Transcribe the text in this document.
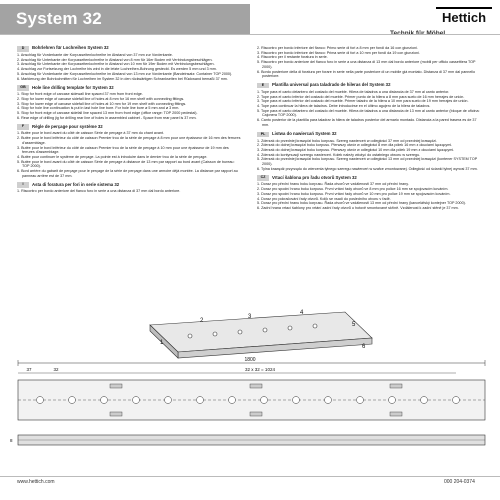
System 32	Hettich
D	Bohrlehren für Lochreihen System 32

1. Anschlag für Vorderkante der Korpusseitenlochreihe im Abstand von 37 mm zur Vorderkante.

2. Anschlag für Unterkante der Korpusseitenlochreihe in Abstand von 8 mm für 16er Boden mit Verbindungsbeschlägen.

3. Anschlag für Unterkante der Korpusseitenlochreihe in Abstand von 10 mm für 19er Boden mit Verbindungsbeschlägen.

4. Anschlag zur Fortsetzung der Lochreihe bis wird in die letzte Lochreihen-Bohrung gesteckt. Es werden 5 mm und 3 mm.

5. Anschlag für Vorderkante der Korpusseitenlochreihe im Abstand von 13 mm zur Vorderkante (Bandeinsatz: Container TOP 2000).

6. Markierung der Bohrlochmitten für Lochreihen im System 32 in den rückwärtigen Schrankseiten bei Rückwand bemaßt 37 mm.

GB	Hole line drilling template for System 32

1. Stop for front edge of carcase sidewall line spaced 37 mm from front edge.

2. Stop for lower edge of carcase sidefall line of holes at 8 mm for 16 mm shelf with connecting fittings.

3. Stop for lower edge of carcase sidefall line of holes at 10 mm for 19 mm shelf with connecting fittings.

4. Stop for hole line continuation is put in last hole line bore. For hole line bore ø 5 mm and ø 3 mm.

5. Stop for front edge of carcase sidefall line spaced 13 mm from front edge (office range: TOP 2000 pedestal).

6. Rear edge of drilling jig for drilling rear line of holes in assembled cabinet - Space from rear panel is 37 mm.

F	Règle de perçage pour système 32

1. Butée pour le bord avant du côté de caisson Série de perçage à 37 mm du chant avant.

2. Butée pour le bord inférieur du côté de caisson Premier trou de la série de perçage à 8 mm pour une épaisseur de 16 mm des ferrures d'assemblage.

3. Butée pour le bord inférieur du côté de caisson Premier trou de la série de perçage à 10 mm pour une épaisseur de 19 mm des ferrures d'assemblage.

4. Butée pour continuer le système de perçage. La pointe est à introduire dans le dernier trou de la série de perçage.

5. Butée pour le bord avant du côté de caisson Série de perçage à distance de 13 mm par rapport au bord avant (Caisson de bureau: TOP 2000).

6. Bord arrière du gabarit de perçage pour le perçage de la série de perçage dans une armoire déjà montée. La distance par rapport au panneau arrière est de 37 mm.

I	Asta di foratura per fori in serie sistema 32

1. Riscontro per bordo anteriore del fianco foro in serie a una distanza di 37 mm dal bordo anteriore.

2. Riscontro per bordo inferiore del fianco: Primo serie di fori a 8 mm per fondi da 16 con giunzioni.

3. Riscontro per bordo inferiore del fianco: Prima serie di fori a 10 mm per fondi da 19 con giunzioni.

4. Riscontro per il restante foratura in serie.

5. Riscontro per bordo anteriore del fianco foro in serie a una distanza di 13 mm dal bordo anteriore (mobili per ufficio cassettiera TOP 2000).

6. Bordo posteriore della di foratura per forare in serie nella parte posteriore di un mobile già montato. Distanza di 37 mm dal pannello posteriore.

E	Plantilla universal para taladrado de hileras del System 32

1. Tope para el canto delantero del costado del mueble. Hilera de taladros a una distancia de 37 mm al canto anterior.

2. Tope para el canto inferior del costado del mueble. Primer punto de la hilera a 8 mm para suelo de 16 mm herrajes de unión.

3. Tope para el canto inferior del costado del mueble. Primer taladro de la hilera a 10 mm para suelo de 19 mm herrajes de unión.

4. Tope para continuar la hilera de taladros. Debe introducirse en el último agujero de la hilera de taladros.

5. Tope para el canto delantero del costado del mueble. Hilera de taladros a una distancia de 13 mm al canto anterior (bloque de oficina: Cajonera TOP 2000).

6. Canto posterior de la plantilla para taladrar la hilera de taladros posterior del armario montado. Distancia a la pared trasera es de 37 mm.

PL	Listwa do nawiercań System 32

1. Zderzak do przedniej krawędzi boku korpusu. Szereg nawierceń w odległości 37 mm od przedniej krawędzi.

2. Zderzak do dolnej krawędzi boku korpusu. Pierwszy otwór w odległości 8 mm dla półek 16 mm z okuciami łączącymi.

3. Zderzak do dolnej krawędzi boku korpusu. Pierwszy otwór w odległości 10 mm dla półek 19 mm z okuciami łączącymi.

4. Zderzak do kontynuacji szeregu nawierceń. Kołek należy włożyć do ostatniego otworu w szeregu.

5. Zderzak do przedniej krawędzi boku korpusu. Szereg nawierceń w odległości 13 mm od przedniej krawędzi (kontener SYSTEM TOP 2000).

6. Tylna krawędź przyrządu do wiercenia tylnego szeregu nawierceń w szafce zmontowanej. Odległość od ścianki tylnej wynosi 37 mm.

CZ	Vrtací šablona pro řadu otvorů System 32

1. Doraz pro přední hranu boku korpusu. Řada otvorů ve vzdálenosti 37 mm od přední hrany.

2. Doraz pro spodní hranu boku korpusu. První vrtání řady otvorů ve 8 mm pro police 16 mm se spojovacím kováním.

3. Doraz pro spodní hranu boku korpusu. První vrtání řady otvorů ve 10 mm pro police 19 mm se spojovacím kováním.

4. Doraz pro pokračování řady otvorů. Kolík se vsadí do posledního otvoru v řadě.

5. Doraz pro přední hranu boku korpusu. Řada otvorů ve vzdálenosti 13 mm od přední hrany (kancelářský kontejner TOP 2000).

6. Zadní hrana vrtací šablony pro vrtání zadní řady otvorů u hotově smontované skříně. Vzdálenost k zadní stěně je 37 mm.

1
2
3
4
5
6
1800
37	32	32 x 32 = 1024
8
www.hettich.com	000 204-0374
